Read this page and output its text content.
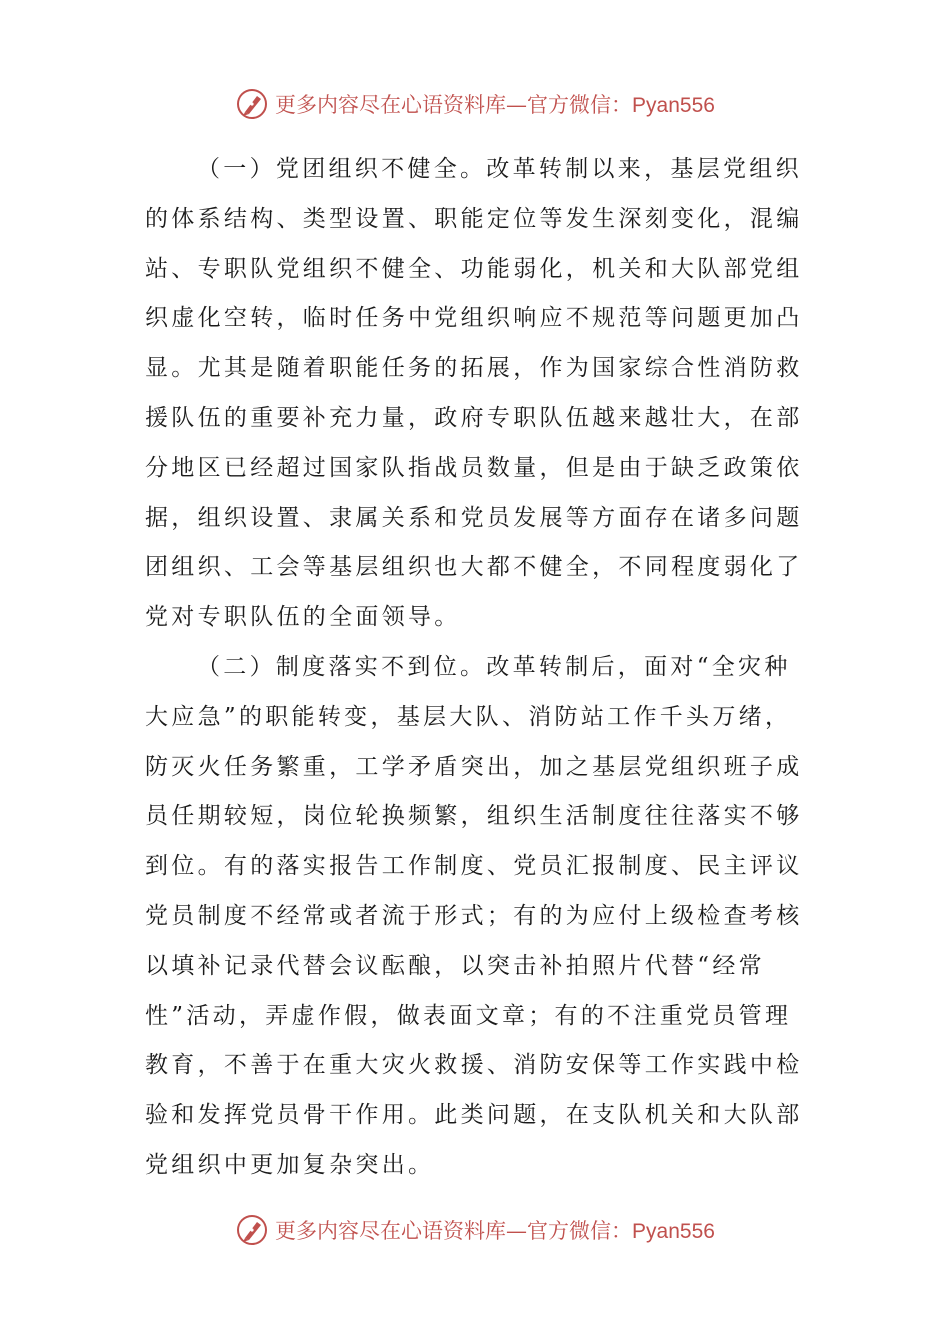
更多内容尽在心语资料库—官方微信：Pyan556
（一）党团组织不健全。改革转制以来，基层党组织
的体系结构、类型设置、职能定位等发生深刻变化，混编
站、专职队党组织不健全、功能弱化，机关和大队部党组
织虚化空转，临时任务中党组织响应不规范等问题更加凸
显。尤其是随着职能任务的拓展，作为国家综合性消防救
援队伍的重要补充力量，政府专职队伍越来越壮大，在部
分地区已经超过国家队指战员数量，但是由于缺乏政策依
据，组织设置、隶属关系和党员发展等方面存在诸多问题
团组织、工会等基层组织也大都不健全，不同程度弱化了
党对专职队伍的全面领导。
（二）制度落实不到位。改革转制后，面对“全灾种
大应急”的职能转变，基层大队、消防站工作千头万绪，
防灭火任务繁重，工学矛盾突出，加之基层党组织班子成
员任期较短，岗位轮换频繁，组织生活制度往往落实不够
到位。有的落实报告工作制度、党员汇报制度、民主评议
党员制度不经常或者流于形式；有的为应付上级检查考核
以填补记录代替会议酝酿，以突击补拍照片代替“经常
性”活动，弄虚作假，做表面文章；有的不注重党员管理
教育，不善于在重大灾火救援、消防安保等工作实践中检
验和发挥党员骨干作用。此类问题，在支队机关和大队部
党组织中更加复杂突出。
更多内容尽在心语资料库—官方微信：Pyan556
